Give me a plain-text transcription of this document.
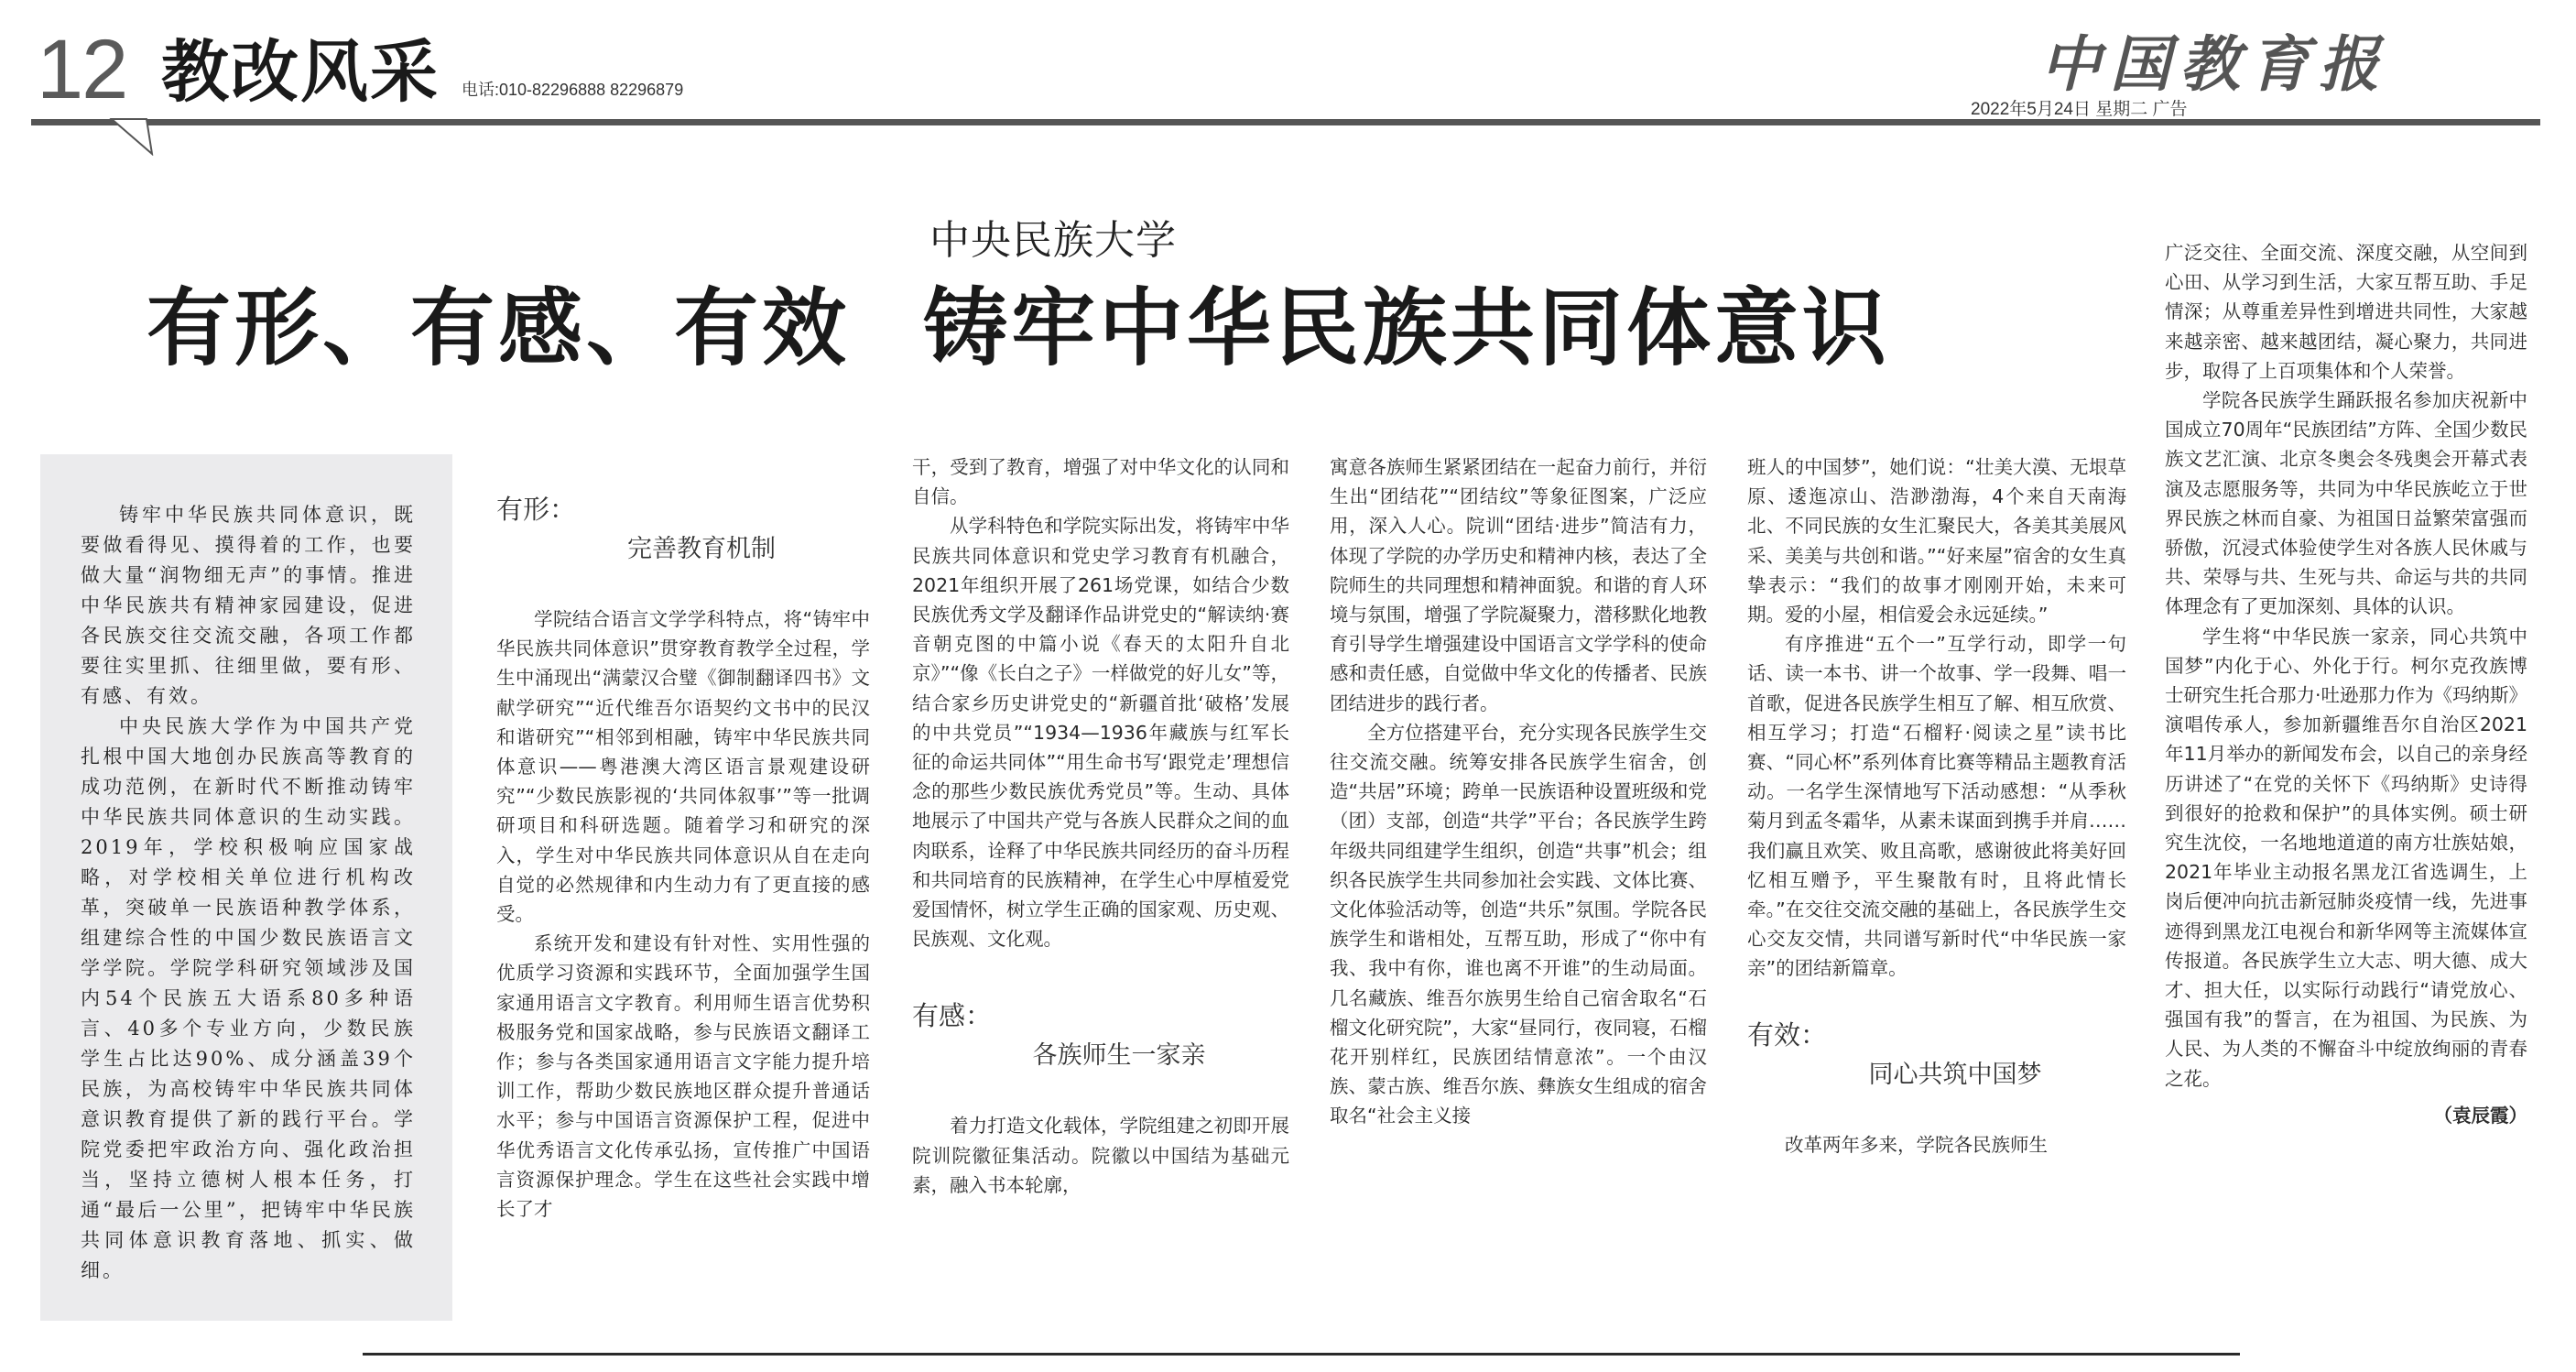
12 教改风采 电话:010-82296888 82296879
2022年5月24日 星期二 广告
中国教育报
中央民族大学
有形、有感、有效 铸牢中华民族共同体意识

铸牢中华民族共同体意识，既要做看得见、摸得着的工作，也要做大量“润物细无声”的事情。推进中华民族共有精神家园建设，促进各民族交往交流交融，各项工作都要往实里抓、往细里做，要有形、有感、有效。

中央民族大学作为中国共产党扎根中国大地创办民族高等教育的成功范例，在新时代不断推动铸牢中华民族共同体意识的生动实践。2019年，学校积极响应国家战略，对学校相关单位进行机构改革，突破单一民族语种教学体系，组建综合性的中国少数民族语言文学学院。学院学科研究领域涉及国内54个民族五大语系80多种语言、40多个专业方向，少数民族学生占比达90%、成分涵盖39个民族，为高校铸牢中华民族共同体意识教育提供了新的践行平台。学院党委把牢政治方向、强化政治担当，坚持立德树人根本任务，打通“最后一公里”，把铸牢中华民族共同体意识教育落地、抓实、做细。

有形：
完善教育机制

学院结合语言文学学科特点，将“铸牢中华民族共同体意识”贯穿教育教学全过程，学生中涌现出“满蒙汉合璧《御制翻译四书》文献学研究”“近代维吾尔语契约文书中的民汉和谐研究”“相邻到相融，铸牢中华民族共同体意识——粤港澳大湾区语言景观建设研究”“少数民族影视的‘共同体叙事’”等一批调研项目和科研选题。随着学习和研究的深入，学生对中华民族共同体意识从自在走向自觉的必然规律和内生动力有了更直接的感受。

系统开发和建设有针对性、实用性强的优质学习资源和实践环节，全面加强学生国家通用语言文字教育。利用师生语言优势积极服务党和国家战略，参与民族语文翻译工作；参与各类国家通用语言文字能力提升培训工作，帮助少数民族地区群众提升普通话水平；参与中国语言资源保护工程，促进中华优秀语言文化传承弘扬，宣传推广中国语言资源保护理念。学生在这些社会实践中增长了才

干，受到了教育，增强了对中华文化的认同和自信。

从学科特色和学院实际出发，将铸牢中华民族共同体意识和党史学习教育有机融合，2021年组织开展了261场党课，如结合少数民族优秀文学及翻译作品讲党史的“解读纳·赛音朝克图的中篇小说《春天的太阳升自北京》”“像《长白之子》一样做党的好儿女”等，结合家乡历史讲党史的“新疆首批‘破格’发展的中共党员”“1934—1936年藏族与红军长征的命运共同体”“用生命书写‘跟党走’理想信念的那些少数民族优秀党员”等。生动、具体地展示了中国共产党与各族人民群众之间的血肉联系，诠释了中华民族共同经历的奋斗历程和共同培育的民族精神，在学生心中厚植爱党爱国情怀，树立学生正确的国家观、历史观、民族观、文化观。

有感：
各族师生一家亲

着力打造文化载体，学院组建之初即开展院训院徽征集活动。院徽以中国结为基础元素，融入书本轮廓，

寓意各族师生紧紧团结在一起奋力前行，并衍生出“团结花”“团结纹”等象征图案，广泛应用，深入人心。院训“团结·进步”简洁有力，体现了学院的办学历史和精神内核，表达了全院师生的共同理想和精神面貌。和谐的育人环境与氛围，增强了学院凝聚力，潜移默化地教育引导学生增强建设中国语言文学学科的使命感和责任感，自觉做中华文化的传播者、民族团结进步的践行者。

全方位搭建平台，充分实现各民族学生交往交流交融。统筹安排各民族学生宿舍，创造“共居”环境；跨单一民族语种设置班级和党（团）支部，创造“共学”平台；各民族学生跨年级共同组建学生组织，创造“共事”机会；组织各民族学生共同参加社会实践、文体比赛、文化体验活动等，创造“共乐”氛围。学院各民族学生和谐相处，互帮互助，形成了“你中有我、我中有你，谁也离不开谁”的生动局面。几名藏族、维吾尔族男生给自己宿舍取名“石榴文化研究院”，大家“昼同行，夜同寝，石榴花开别样红，民族团结情意浓”。一个由汉族、蒙古族、维吾尔族、彝族女生组成的宿舍取名“社会主义接

班人的中国梦”，她们说：“壮美大漠、无垠草原、逶迤凉山、浩渺渤海，4个来自天南海北、不同民族的女生汇聚民大，各美其美展风采、美美与共创和谐。”“好来屋”宿舍的女生真挚表示：“我们的故事才刚刚开始，未来可期。爱的小屋，相信爱会永远延续。”

有序推进“五个一”互学行动，即学一句话、读一本书、讲一个故事、学一段舞、唱一首歌，促进各民族学生相互了解、相互欣赏、相互学习；打造“石榴籽·阅读之星”读书比赛、“同心杯”系列体育比赛等精品主题教育活动。一名学生深情地写下活动感想：“从季秋菊月到孟冬霜华，从素未谋面到携手并肩……我们赢且欢笑、败且高歌，感谢彼此将美好回忆相互赠予，平生聚散有时，且将此情长牵。”在交往交流交融的基础上，各民族学生交心交友交情，共同谱写新时代“中华民族一家亲”的团结新篇章。

有效：
同心共筑中国梦

改革两年多来，学院各民族师生

广泛交往、全面交流、深度交融，从空间到心田、从学习到生活，大家互帮互助、手足情深；从尊重差异性到增进共同性，大家越来越亲密、越来越团结，凝心聚力，共同进步，取得了上百项集体和个人荣誉。

学院各民族学生踊跃报名参加庆祝新中国成立70周年“民族团结”方阵、全国少数民族文艺汇演、北京冬奥会冬残奥会开幕式表演及志愿服务等，共同为中华民族屹立于世界民族之林而自豪、为祖国日益繁荣富强而骄傲，沉浸式体验使学生对各族人民休戚与共、荣辱与共、生死与共、命运与共的共同体理念有了更加深刻、具体的认识。

学生将“中华民族一家亲，同心共筑中国梦”内化于心、外化于行。柯尔克孜族博士研究生托合那力·吐逊那力作为《玛纳斯》演唱传承人，参加新疆维吾尔自治区2021年11月举办的新闻发布会，以自己的亲身经历讲述了“在党的关怀下《玛纳斯》史诗得到很好的抢救和保护”的具体实例。硕士研究生沈佼，一名地地道道的南方壮族姑娘，2021年毕业主动报名黑龙江省选调生，上岗后便冲向抗击新冠肺炎疫情一线，先进事迹得到黑龙江电视台和新华网等主流媒体宣传报道。各民族学生立大志、明大德、成大才、担大任，以实际行动践行“请党放心、强国有我”的誓言，在为祖国、为民族、为人民、为人类的不懈奋斗中绽放绚丽的青春之花。

（袁辰霞）
